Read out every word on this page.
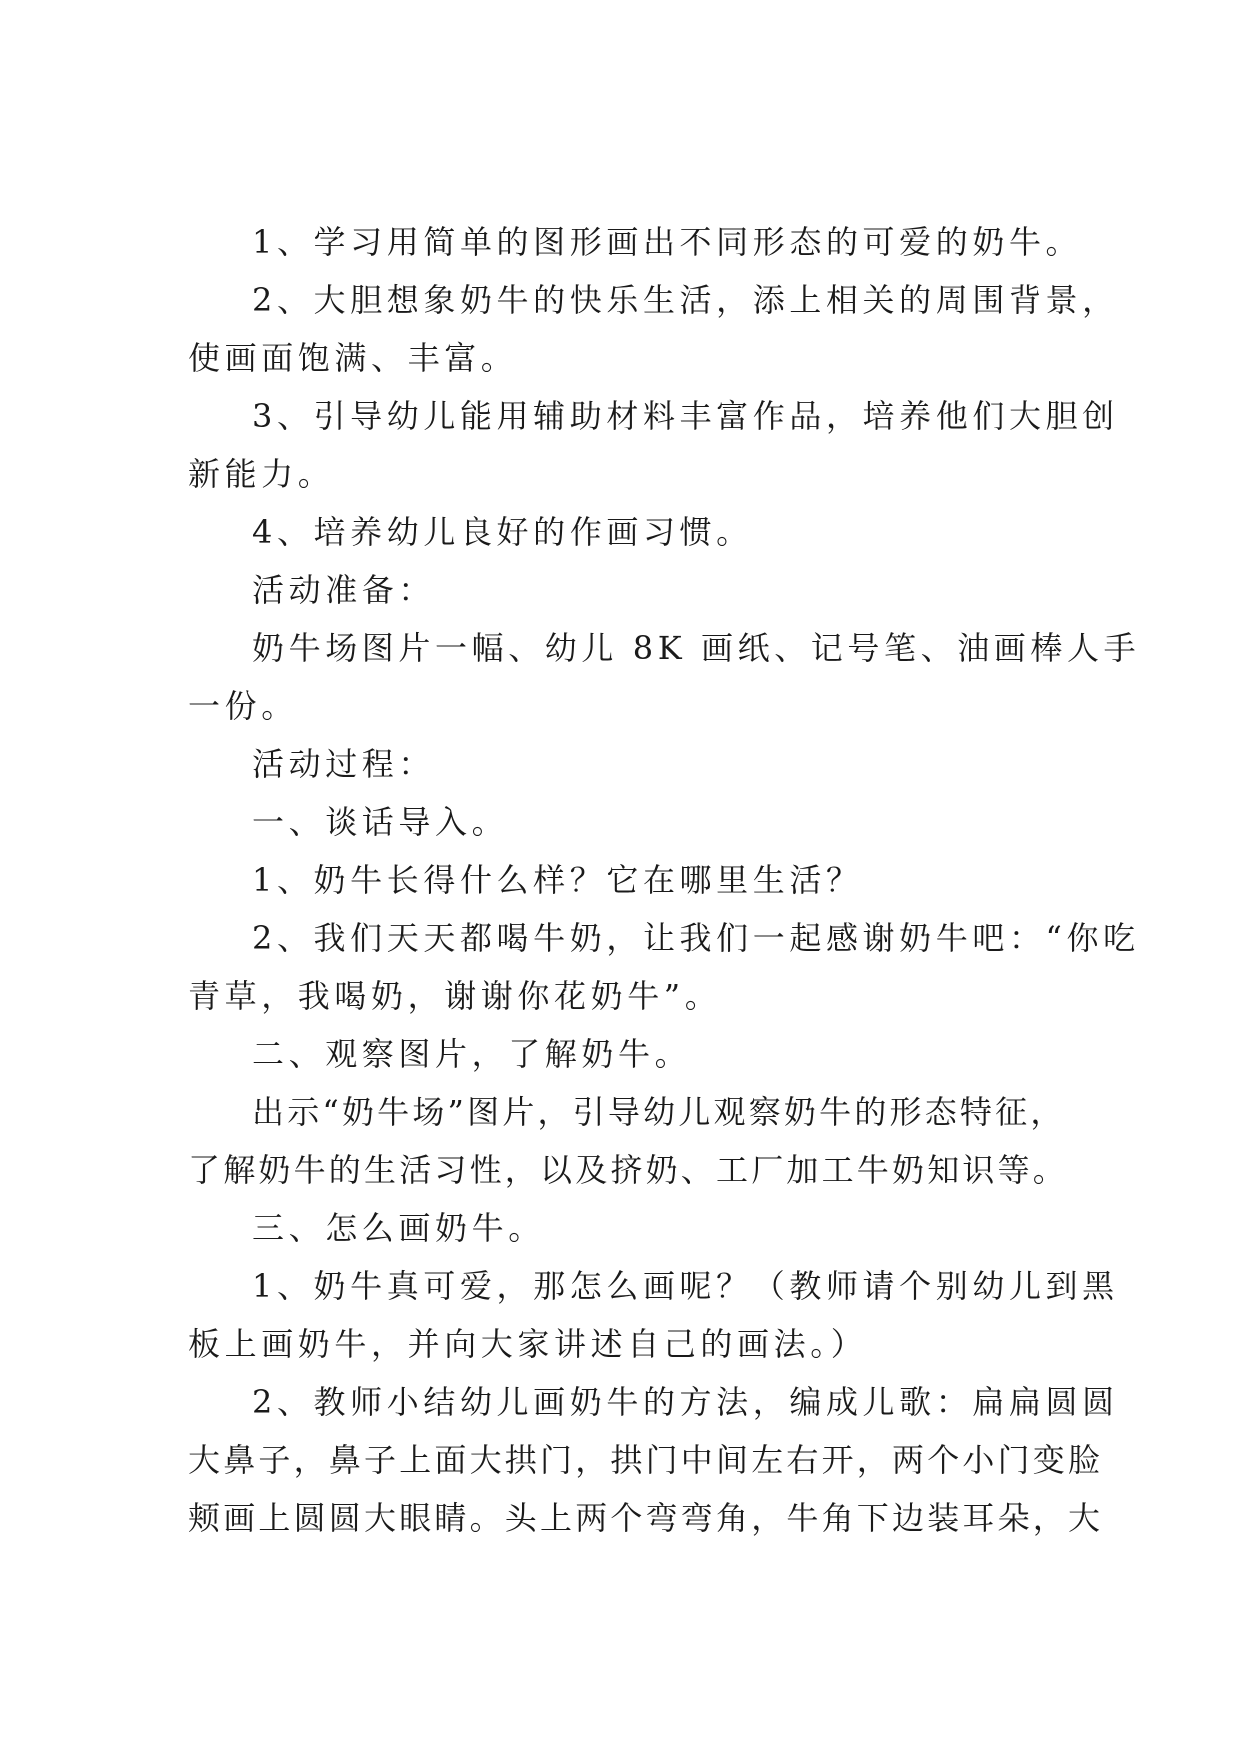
1、学习用简单的图形画出不同形态的可爱的奶牛。
2、大胆想象奶牛的快乐生活，添上相关的周围背景，
使画面饱满、丰富。
3、引导幼儿能用辅助材料丰富作品，培养他们大胆创
新能力。
4、培养幼儿良好的作画习惯。
活动准备：
奶牛场图片一幅、幼儿 8K 画纸、记号笔、油画棒人手
一份。
活动过程：
一、谈话导入。
1、奶牛长得什么样？它在哪里生活？
2、我们天天都喝牛奶，让我们一起感谢奶牛吧：“你吃
青草，我喝奶，谢谢你花奶牛”。
二、观察图片，了解奶牛。
出示“奶牛场”图片，引导幼儿观察奶牛的形态特征，
了解奶牛的生活习性，以及挤奶、工厂加工牛奶知识等。
三、怎么画奶牛。
1、奶牛真可爱，那怎么画呢？（教师请个别幼儿到黑
板上画奶牛，并向大家讲述自己的画法。）
2、教师小结幼儿画奶牛的方法，编成儿歌：扁扁圆圆
大鼻子，鼻子上面大拱门，拱门中间左右开，两个小门变脸
颊画上圆圆大眼睛。头上两个弯弯角，牛角下边装耳朵，大
